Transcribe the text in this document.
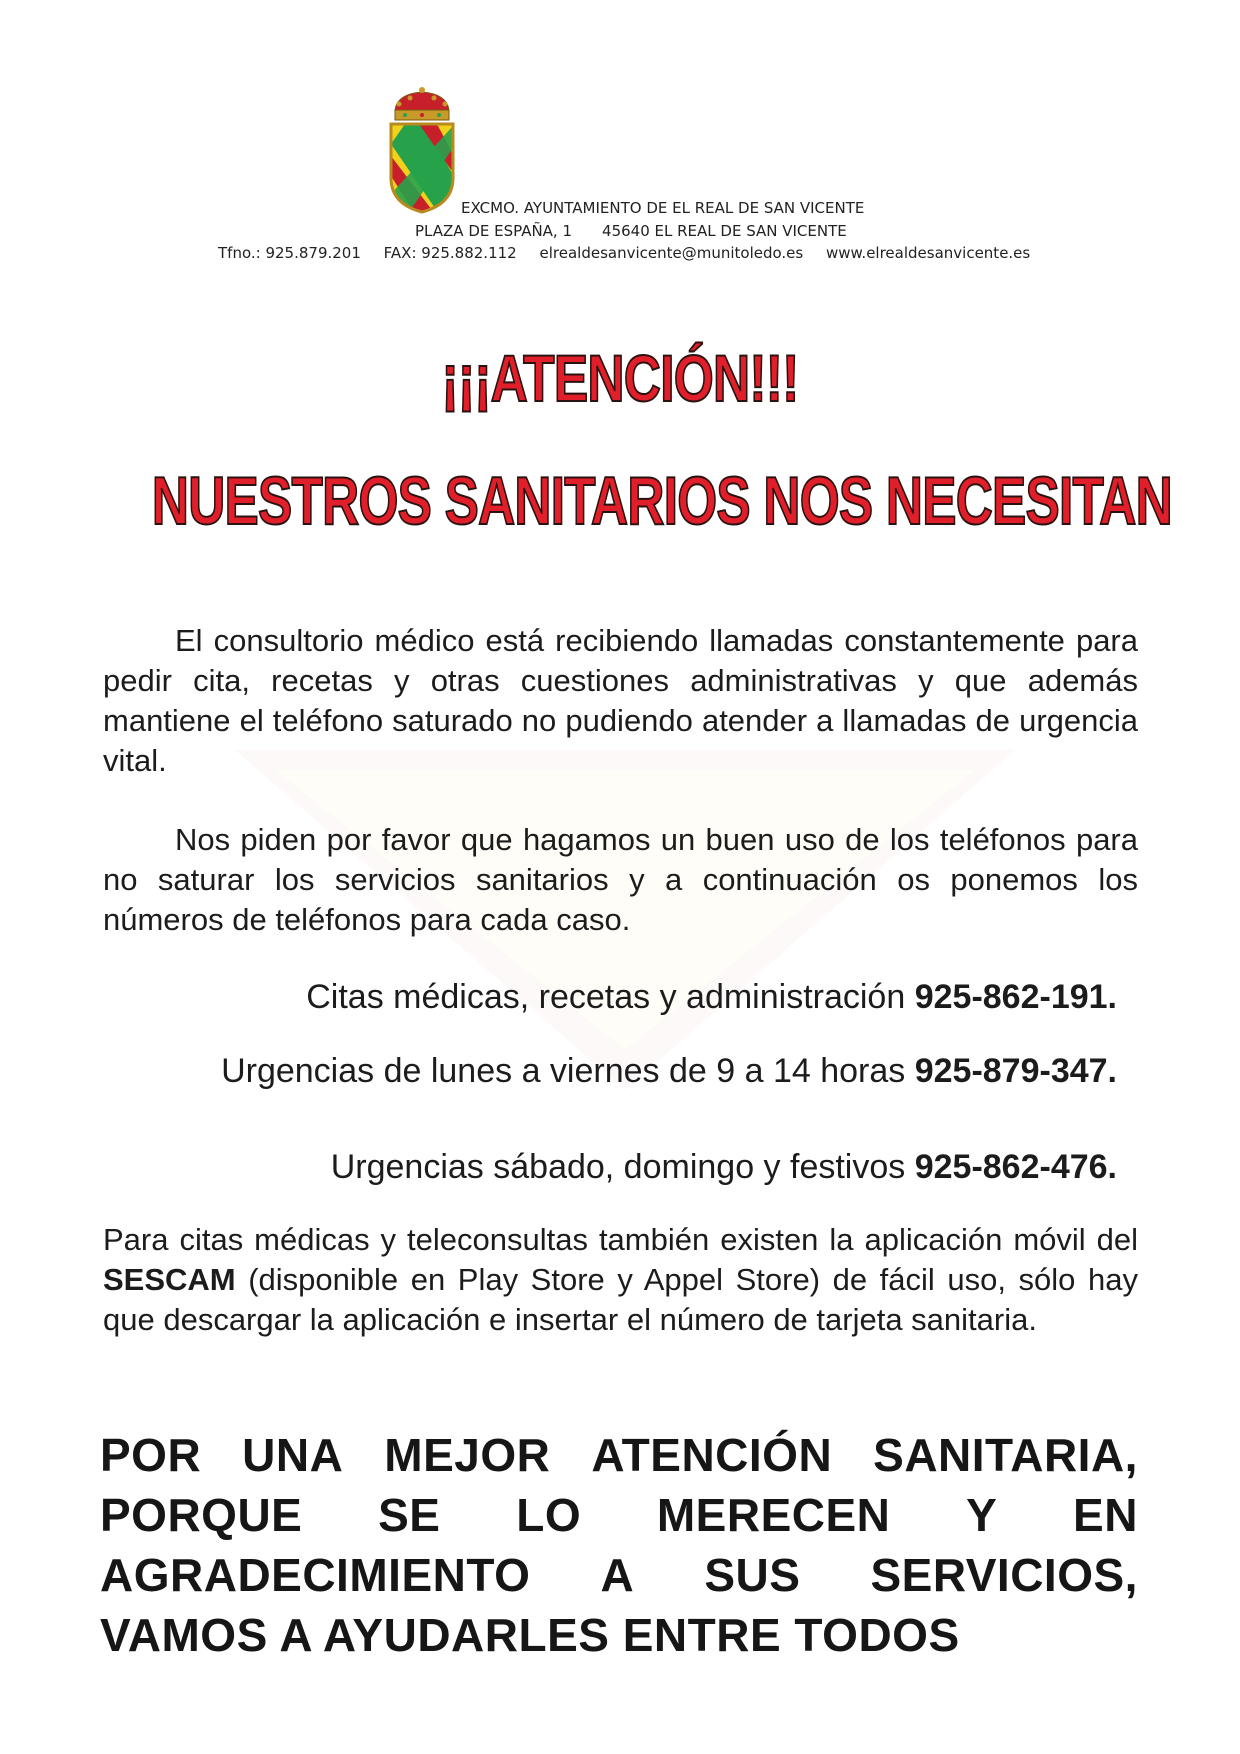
EXCMO. AYUNTAMIENTO DE EL REAL DE SAN VICENTE
PLAZA DE ESPAÑA, 1 45640 EL REAL DE SAN VICENTE
Tfno.: 925.879.201 FAX: 925.882.112 elrealdesanvicente@munitoledo.es www.elrealdesanvicente.es
¡¡¡ATENCIÓN!!!
NUESTROS SANITARIOS NOS NECESITAN

El consultorio médico está recibiendo llamadas constantemente para pedir cita, recetas y otras cuestiones administrativas y que además mantiene el teléfono saturado no pudiendo atender a llamadas de urgencia vital.

Nos piden por favor que hagamos un buen uso de los teléfonos para no saturar los servicios sanitarios y a continuación os ponemos los números de teléfonos para cada caso.

Citas médicas, recetas y administración 925-862-191.
Urgencias de lunes a viernes de 9 a 14 horas 925-879-347.
Urgencias sábado, domingo y festivos 925-862-476.

Para citas médicas y teleconsultas también existen la aplicación móvil del SESCAM (disponible en Play Store y Appel Store) de fácil uso, sólo hay que descargar la aplicación e insertar el número de tarjeta sanitaria.

POR UNA MEJOR ATENCIÓN SANITARIA,
PORQUE SE LO MERECEN Y EN
AGRADECIMIENTO A SUS SERVICIOS,
VAMOS A AYUDARLES ENTRE TODOS
